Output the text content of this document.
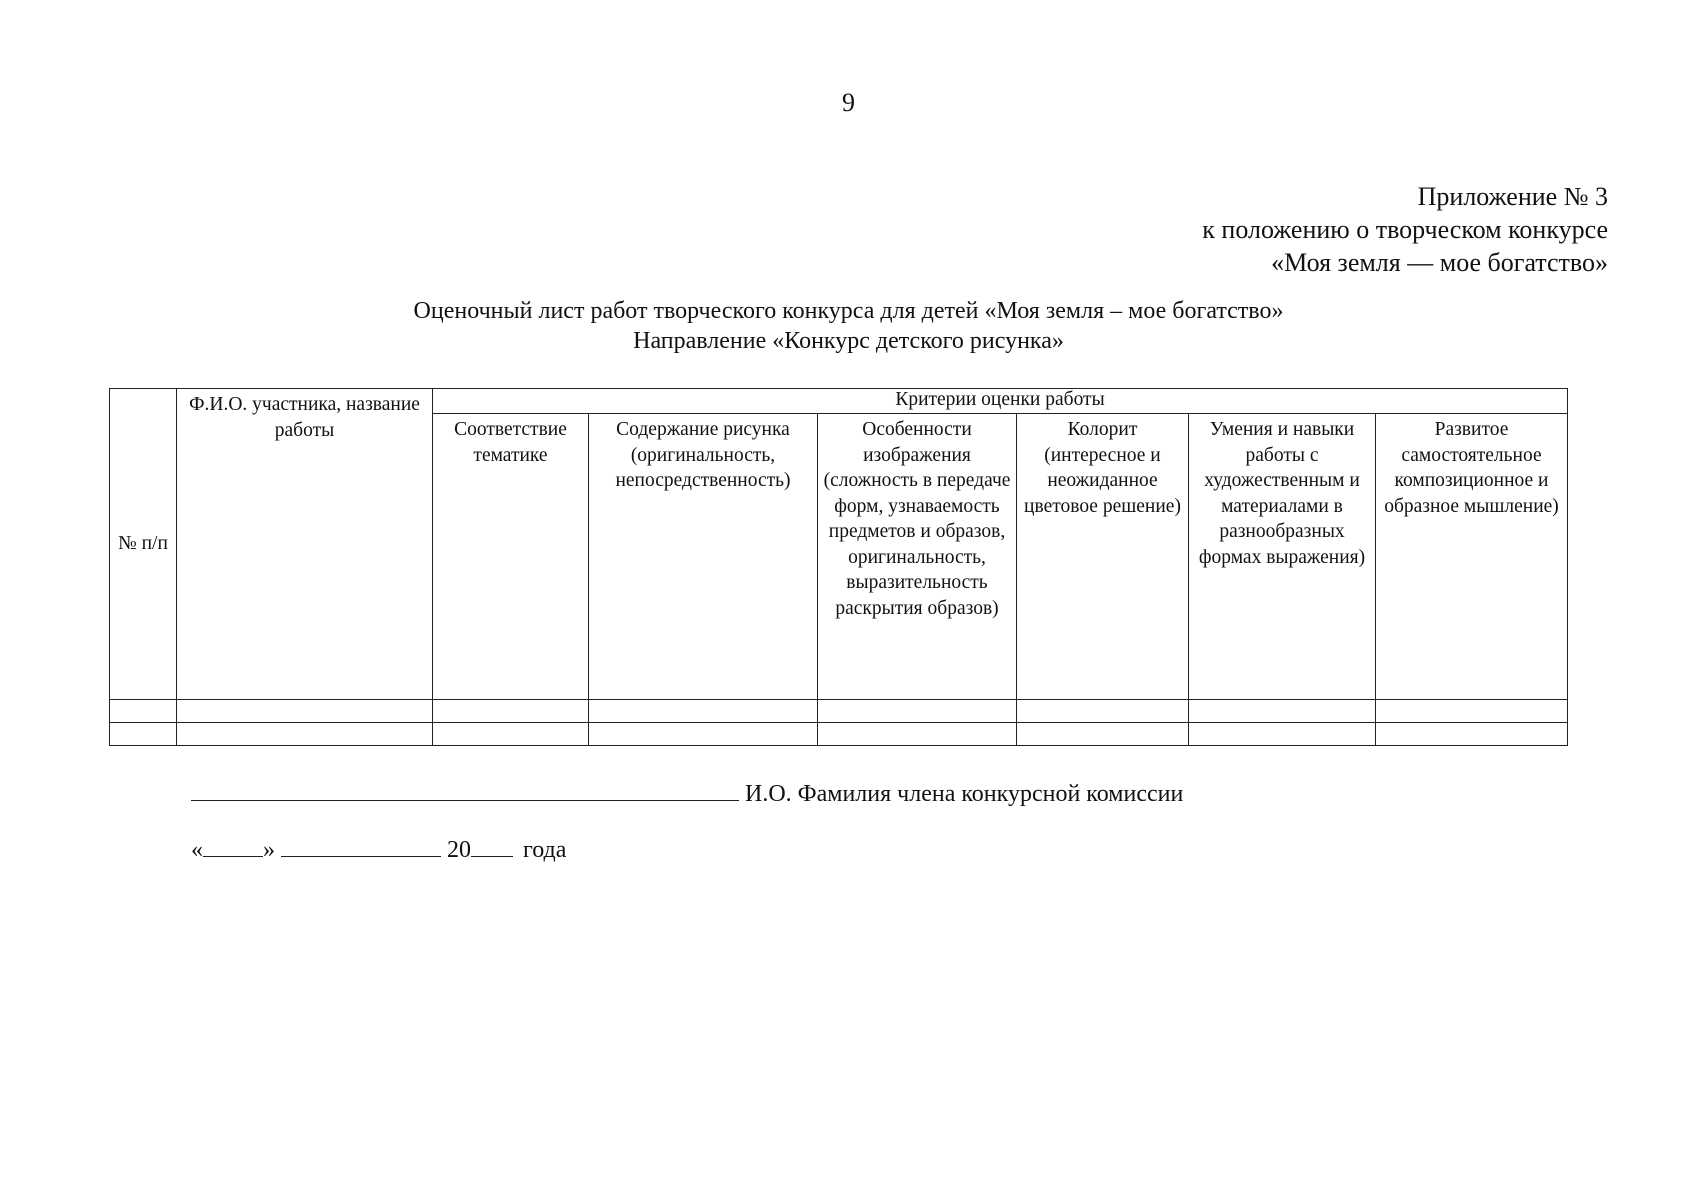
9
Приложение № 3
к положению о творческом конкурсе
«Моя земля — мое богатство»
Оценочный лист работ творческого конкурса для детей «Моя земля – мое богатство»
Направление «Конкурс детского рисунка»
№ п/п	Ф.И.О. участника, название работы	Критерии оценки работы					
		Соответствие тематике	Содержание рисунка (оригинальность, непосредственность)	Особенности изображения (сложность в передаче форм, узнаваемость предметов и образов, оригинальность, выразительность раскрытия образов)	Колорит (интересное и неожиданное цветовое решение)	Умения и навыки работы с художественным и материалами в разнообразных формах выражения)	Развитое самостоятельное композиционное и образное мышление)

И.О. Фамилия члена конкурсной комиссии
«	»	20 года
